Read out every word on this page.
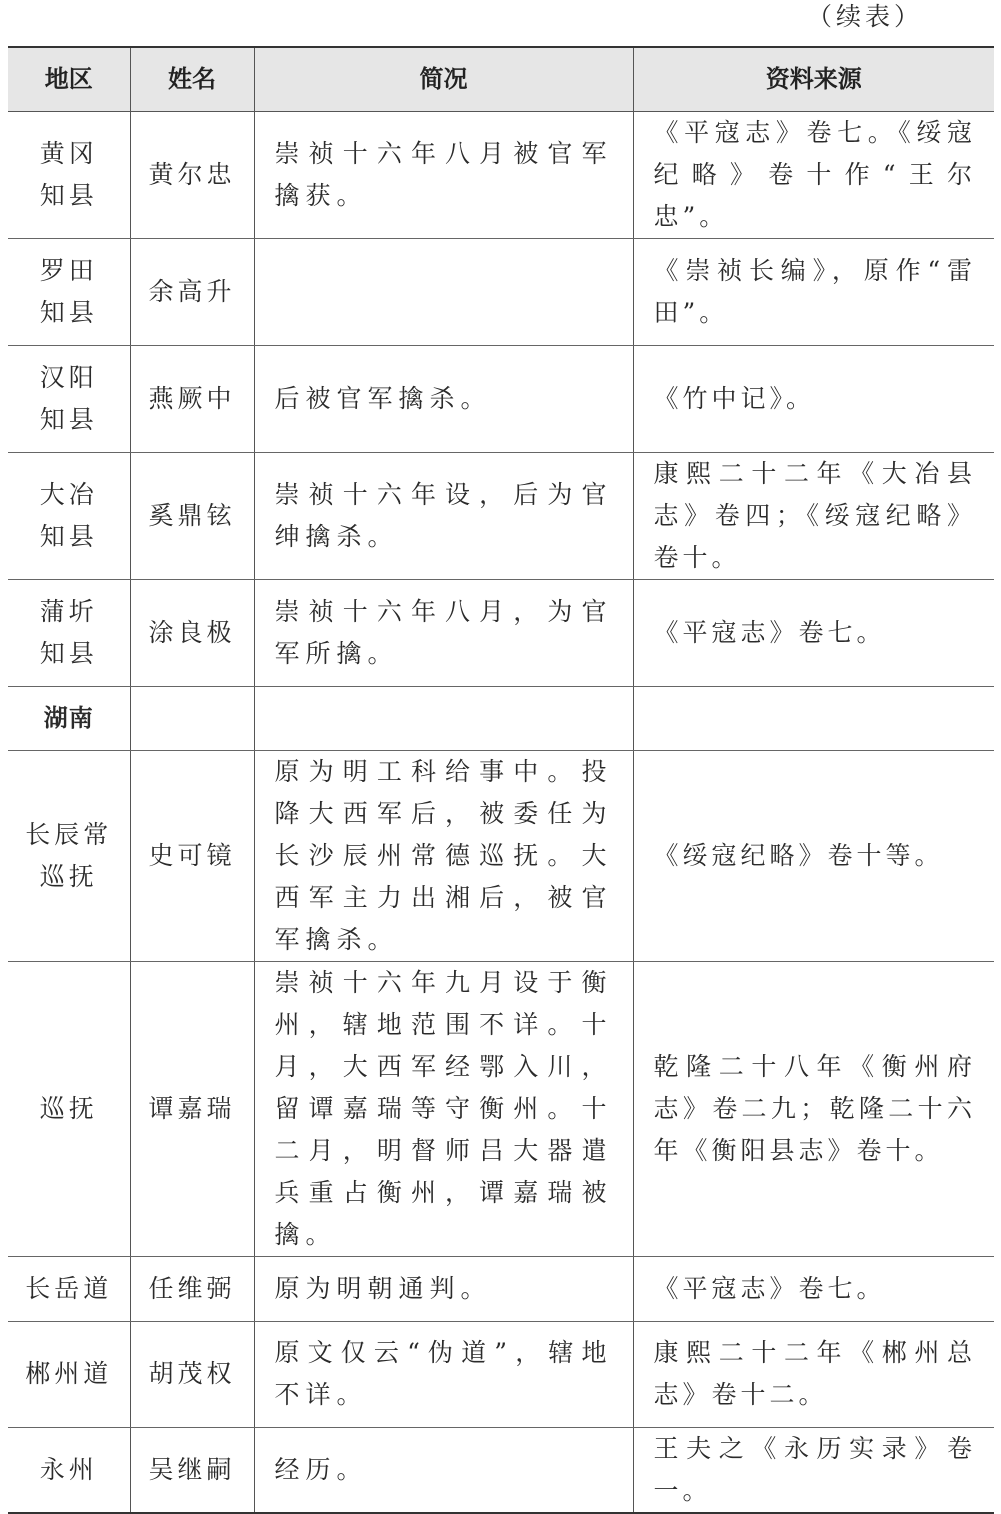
（续表）
地区	姓名	简况	资料来源

黄冈
知县	黄尔忠	崇祯十六年八月被官军擒获。	《平寇志》卷七。《绥寇纪略》卷十作“王尔忠”。

罗田
知县	余高升		《崇祯长编》，原作“雷田”。

汉阳
知县	燕厥中	后被官军擒杀。	《竹中记》。

大冶
知县	奚鼎铉	崇祯十六年设，后为官绅擒杀。	康熙二十二年《大冶县志》卷四；《绥寇纪略》卷十。

蒲圻
知县	涂良极	崇祯十六年八月，为官军所擒。	《平寇志》卷七。
湖南			

长辰常
巡抚	史可镜	原为明工科给事中。投降大西军后，被委任为长沙辰州常德巡抚。大西军主力出湘后，被官军擒杀。	《绥寇纪略》卷十等。

巡抚	谭嘉瑞	崇祯十六年九月设于衡州，辖地范围不详。十月，大西军经鄂入川，留谭嘉瑞等守衡州。十二月，明督师吕大器遣兵重占衡州，谭嘉瑞被擒。	乾隆二十八年《衡州府志》卷二九；乾隆二十六年《衡阳县志》卷十。

长岳道	任维弼	原为明朝通判。	《平寇志》卷七。

郴州道	胡茂权	原文仅云“伪道”，辖地不详。	康熙二十二年《郴州总志》卷十二。

永州	吴继嗣	经历。	王夫之《永历实录》卷一。
